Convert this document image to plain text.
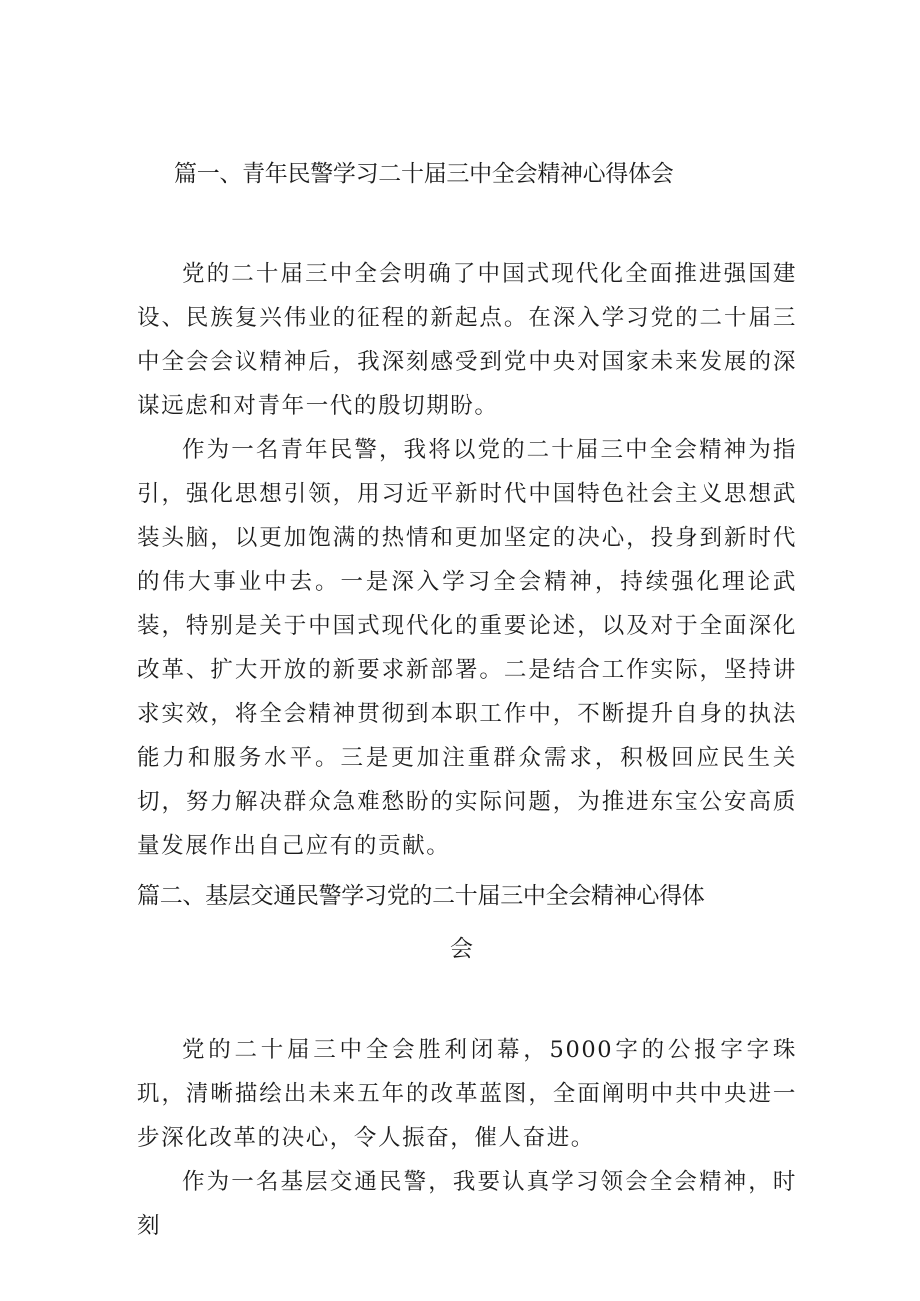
篇一、青年民警学习二十届三中全会精神心得体会

党的二十届三中全会明确了中国式现代化全面推进强国建设、民族复兴伟业的征程的新起点。在深入学习党的二十届三中全会会议精神后，我深刻感受到党中央对国家未来发展的深谋远虑和对青年一代的殷切期盼。

作为一名青年民警，我将以党的二十届三中全会精神为指引，强化思想引领，用习近平新时代中国特色社会主义思想武装头脑，以更加饱满的热情和更加坚定的决心，投身到新时代的伟大事业中去。一是深入学习全会精神，持续强化理论武装，特别是关于中国式现代化的重要论述，以及对于全面深化改革、扩大开放的新要求新部署。二是结合工作实际，坚持讲求实效，将全会精神贯彻到本职工作中，不断提升自身的执法能力和服务水平。三是更加注重群众需求，积极回应民生关切，努力解决群众急难愁盼的实际问题，为推进东宝公安高质量发展作出自己应有的贡献。

篇二、基层交通民警学习党的二十届三中全会精神心得体
会

党的二十届三中全会胜利闭幕，5000字的公报字字珠玑，清晰描绘出未来五年的改革蓝图，全面阐明中共中央进一步深化改革的决心，令人振奋，催人奋进。

作为一名基层交通民警，我要认真学习领会全会精神，时刻
